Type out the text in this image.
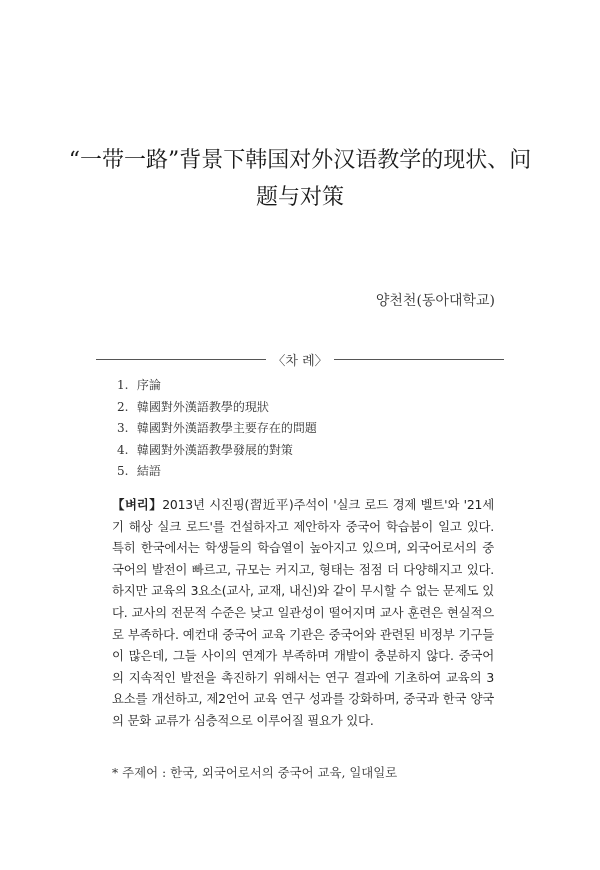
“一带一路”背景下韩国对外汉语教学的现状、问
题与对策
양천천(동아대학교)
〈차 례〉
1. 序論
2. 韓國對外漢語教學的現狀
3. 韓國對外漢語教學主要存在的問題
4. 韓國對外漢語教學發展的對策
5. 結語
【벼리】2013년 시진핑(習近平)주석이 '실크 로드 경제 벨트'와 '21세기 해상 실크 로드'를 건설하자고 제안하자 중국어 학습붐이 일고 있다. 특히 한국에서는 학생들의 학습열이 높아지고 있으며, 외국어로서의 중국어의 발전이 빠르고, 규모는 커지고, 형태는 점점 더 다양해지고 있다. 하지만 교육의 3요소(교사, 교재, 내신)와 같이 무시할 수 없는 문제도 있다. 교사의 전문적 수준은 낮고 일관성이 떨어지며 교사 훈련은 현실적으로 부족하다. 예컨대 중국어 교육 기관은 중국어와 관련된 비정부 기구들이 많은데, 그들 사이의 연계가 부족하며 개발이 충분하지 않다. 중국어의 지속적인 발전을 촉진하기 위해서는 연구 결과에 기초하여 교육의 3요소를 개선하고, 제2언어 교육 연구 성과를 강화하며, 중국과 한국 양국의 문화 교류가 심층적으로 이루어질 필요가 있다.
* 주제어 : 한국, 외국어로서의 중국어 교육, 일대일로
